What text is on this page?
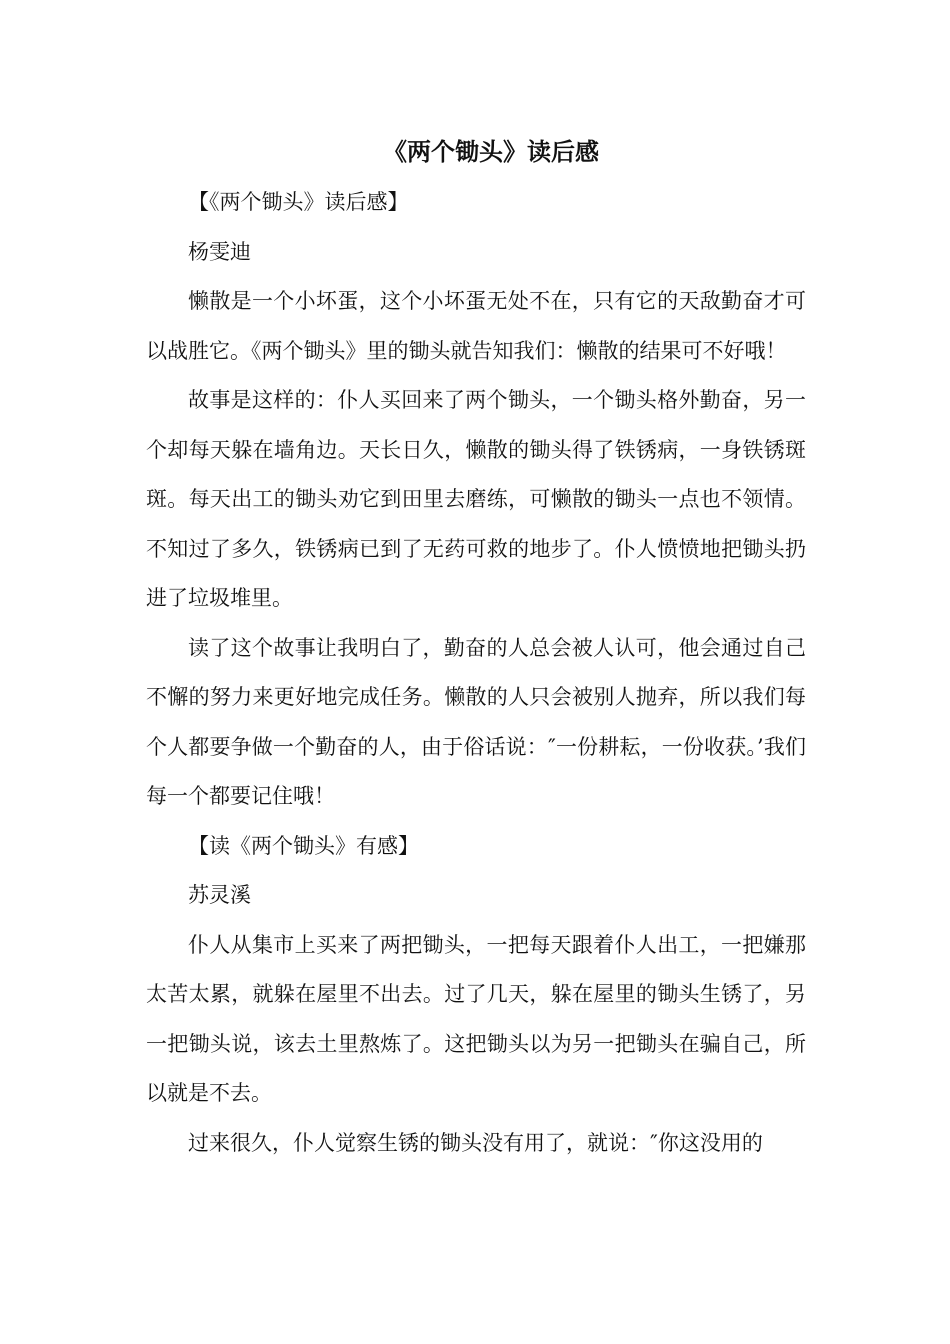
《两个锄头》读后感

【《两个锄头》读后感】

杨雯迪

懒散是一个小坏蛋，这个小坏蛋无处不在，只有它的天敌勤奋才可以战胜它。《两个锄头》里的锄头就告知我们：懒散的结果可不好哦！

故事是这样的：仆人买回来了两个锄头，一个锄头格外勤奋，另一个却每天躲在墙角边。天长日久，懒散的锄头得了铁锈病，一身铁锈斑斑。每天出工的锄头劝它到田里去磨练，可懒散的锄头一点也不领情。不知过了多久，铁锈病已到了无药可救的地步了。仆人愤愤地把锄头扔进了垃圾堆里。

读了这个故事让我明白了，勤奋的人总会被人认可，他会通过自己不懈的努力来更好地完成任务。懒散的人只会被别人抛弃，所以我们每个人都要争做一个勤奋的人，由于俗话说：″一份耕耘，一份收获。’我们每一个都要记住哦！

【读《两个锄头》有感】

苏灵溪

仆人从集市上买来了两把锄头，一把每天跟着仆人出工，一把嫌那太苦太累，就躲在屋里不出去。过了几天，躲在屋里的锄头生锈了，另一把锄头说，该去土里熬炼了。这把锄头以为另一把锄头在骗自己，所以就是不去。

过来很久，仆人觉察生锈的锄头没有用了，就说：″你这没用的
